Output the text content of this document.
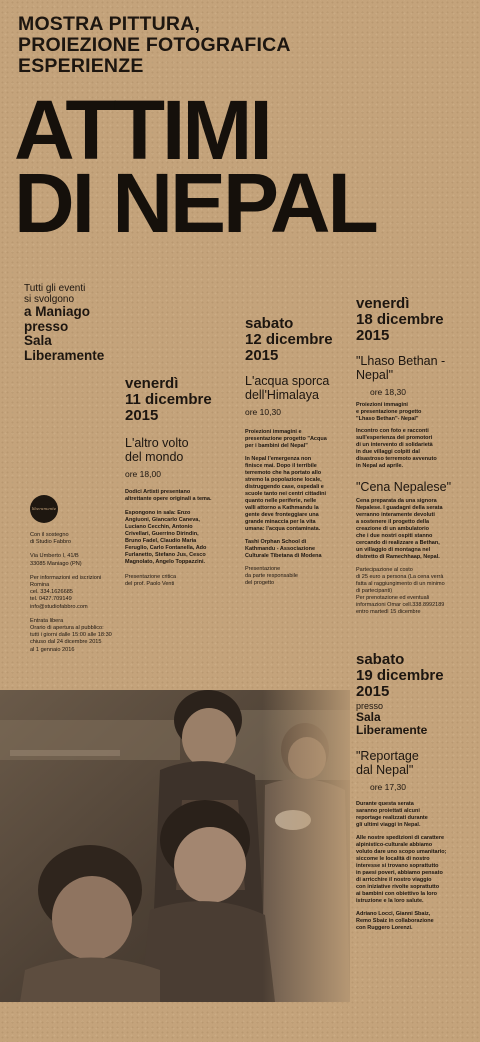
MOSTRA PITTURA,
PROIEZIONE FOTOGRAFICA
ESPERIENZE
ATTIMI
DI NEPAL
Tutti gli eventi
si svolgono
a Maniago
presso
Sala
Liberamente
liberamente
Con il sostegno
di Studio Fabbro
Via Umberto I, 41/B
33085 Maniago (PN)
Per informazioni ed iscrizioni
Romina
cel. 334.1626685
tel. 0427.709149
info@studiofabbro.com
Entrata libera
Orario di apertura al pubblico:
tutti i giorni dalle 15:00 alle 18:30
chiuso dal 24 dicembre 2015
al 1 gennaio 2016
venerdì
11 dicembre
2015
L'altro volto
del mondo
ore 18,00
Dodici Artisti presentano
altrettante opere originali a tema.
Espongono in sala: Enzo
Angiuoni, Giancarlo Caneva,
Luciano Cecchin, Antonio
Crivellari, Guerrino Dirindin,
Bruno Fadel, Claudio Maria
Feruglio, Carlo Fontanella, Ado
Furlanetto, Stefano Jus, Cesco
Magnolato, Angelo Toppazzini.
Presentazione critica
del prof. Paolo Venti
sabato
12 dicembre
2015
L'acqua sporca
dell'Himalaya
ore 10,30
Proiezioni immagini e
presentazione progetto "Acqua
per i bambini del Nepal"
In Nepal l'emergenza non
finisce mai. Dopo il terribile
terremoto che ha portato allo
stremo la popolazione locale,
distruggendo case, ospedali e
scuole tanto nei centri cittadini
quanto nelle periferie, nelle
valli attorno a Kathmandu la
gente deve fronteggiare una
grande minaccia per la vita
umana: l'acqua contaminata.
Tashi Orphan School di
Kathmandu - Associazione
Culturale Tibetana di Modena
Presentazione
da parte responsabile
del progetto
venerdì
18 dicembre
2015
"Lhaso Bethan -
Nepal"
ore 18,30
Proiezioni immagini
e presentazione progetto
"Lhaso Bethan"- Nepal"
Incontro con foto e racconti
sull'esperienza dei promotori
di un intervento di solidarietà
in due villaggi colpiti dal
disastroso terremoto avvenuto
in Nepal ad aprile.
"Cena Nepalese"
Cena preparata da una signora
Nepalese. I guadagni della serata
verranno interamente devoluti
a sostenere il progetto della
creazione di un ambulatorio
che i due nostri ospiti stanno
cercando di realizzare a Bethan,
un villaggio di montagna nel
distretto di Ramechhaap, Nepal.
Partecipazione al costo
di 25 euro a persona (La cena verrà
fatta al raggiungimento di un minimo
di partecipanti)
Per prenotazione ed eventuali
informazioni Omar cell.338.8992189
entro martedì 15 dicembre
sabato
19 dicembre
2015
presso
Sala
Liberamente
"Reportage
dal Nepal"
ore 17,30
Durante questa serata
saranno proiettati alcuni
reportage realizzati durante
gli ultimi viaggi in Nepal.
Alle nostre spedizioni di carattere
alpinistico-culturale abbiamo
voluto dare uno scopo umanitario;
siccome le località di nostro
interesse si trovano soprattutto
in paesi poveri, abbiamo pensato
di arricchire il nostro viaggio
con iniziative rivolte soprattutto
ai bambini con obiettivo la loro
istruzione e la loro salute.
Adriano Locci, Gianni Sbaiz,
Remo Sbaiz in collaborazione
con Ruggero Lorenzi.
